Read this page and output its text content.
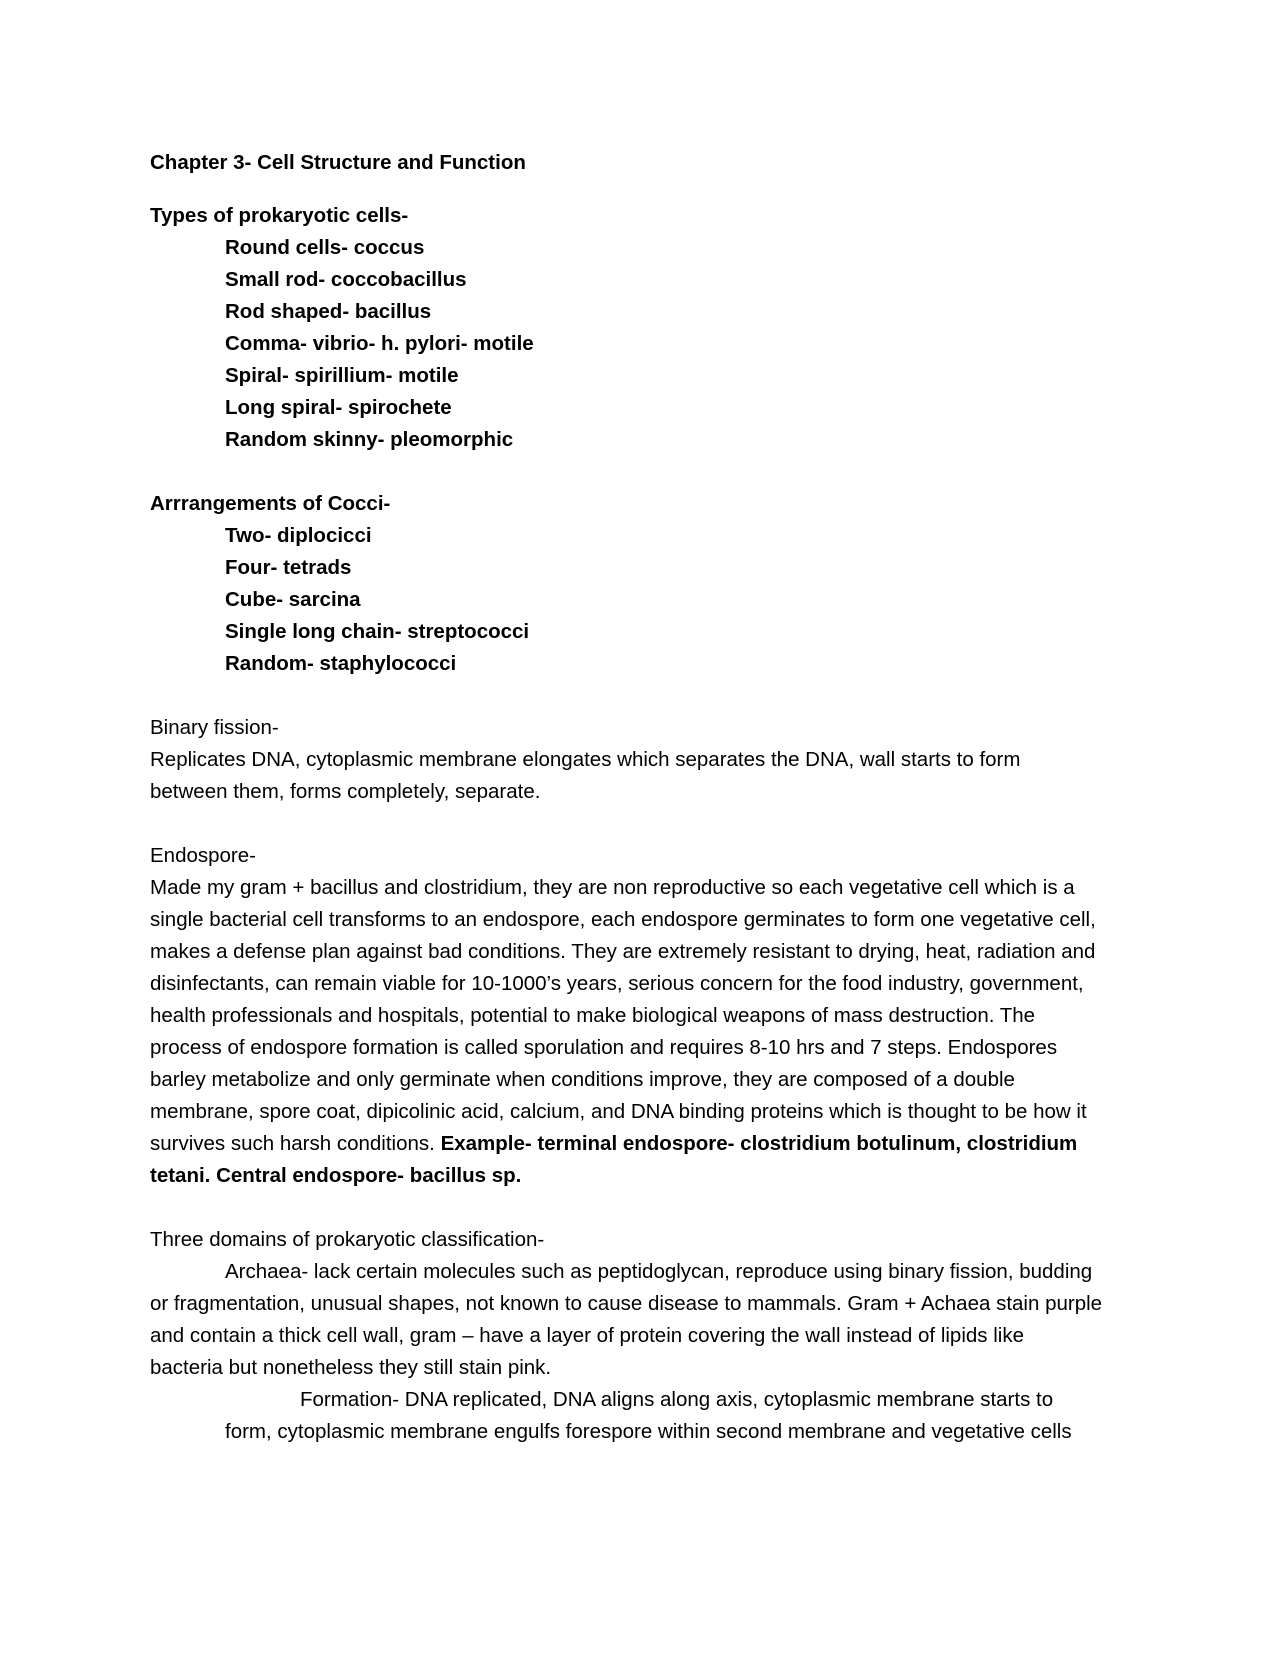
Chapter 3- Cell Structure and Function

Types of prokaryotic cells-

Round cells- coccus

Small rod- coccobacillus

Rod shaped- bacillus

Comma- vibrio- h. pylori- motile

Spiral- spirillium- motile

Long spiral- spirochete

Random skinny- pleomorphic

Arrrangements of Cocci-

Two- diplocicci

Four- tetrads

Cube- sarcina

Single long chain- streptococci

Random- staphylococci

Binary fission-

Replicates DNA, cytoplasmic membrane elongates which separates the DNA, wall starts to form

between them, forms completely, separate.

Endospore-

Made my gram + bacillus and clostridium, they are non reproductive so each vegetative cell which is a

single bacterial cell transforms to an endospore, each endospore germinates to form one vegetative cell,

makes a defense plan against bad conditions. They are extremely resistant to drying, heat, radiation and

disinfectants, can remain viable for 10-1000’s years, serious concern for the food industry, government,

health professionals and hospitals, potential to make biological weapons of mass destruction. The

process of endospore formation is called sporulation and requires 8-10 hrs and 7 steps. Endospores

barley metabolize and only germinate when conditions improve, they are composed of a double

membrane, spore coat, dipicolinic acid, calcium, and DNA binding proteins which is thought to be how it

survives such harsh conditions. Example- terminal endospore- clostridium botulinum, clostridium

tetani. Central endospore- bacillus sp.

Three domains of prokaryotic classification-

Archaea- lack certain molecules such as peptidoglycan, reproduce using binary fission, budding

or fragmentation, unusual shapes, not known to cause disease to mammals. Gram + Achaea stain purple

and contain a thick cell wall, gram – have a layer of protein covering the wall instead of lipids like

bacteria but nonetheless they still stain pink.

Formation- DNA replicated, DNA aligns along axis, cytoplasmic membrane starts to

form, cytoplasmic membrane engulfs forespore within second membrane and vegetative cells
